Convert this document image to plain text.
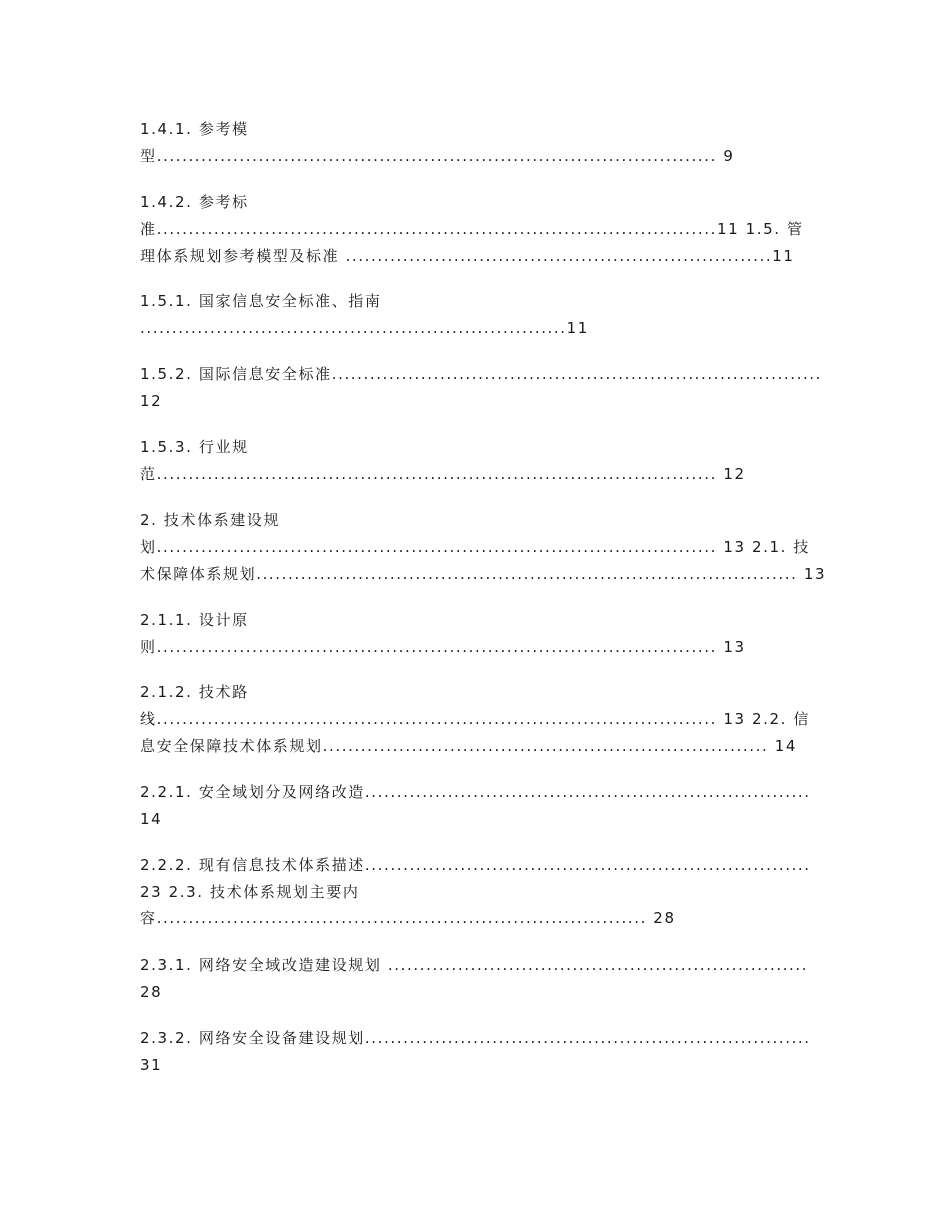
1.4.1. 参考模

型........................................................................................ 9

1.4.2. 参考标

准........................................................................................11 1.5. 管

理体系规划参考模型及标准 ...................................................................11

1.5.1. 国家信息安全标准、指南

...................................................................11

1.5.2. 国际信息安全标准.............................................................................

12

1.5.3. 行业规

范........................................................................................ 12

2. 技术体系建设规

划........................................................................................ 13 2.1. 技

术保障体系规划..................................................................................... 13

2.1.1. 设计原

则........................................................................................ 13

2.1.2. 技术路

线........................................................................................ 13 2.2. 信

息安全保障技术体系规划...................................................................... 14

2.2.1. 安全域划分及网络改造......................................................................

14

2.2.2. 现有信息技术体系描述......................................................................

23 2.3. 技术体系规划主要内

容............................................................................. 28

2.3.1. 网络安全域改造建设规划 ..................................................................

28

2.3.2. 网络安全设备建设规划......................................................................

31
